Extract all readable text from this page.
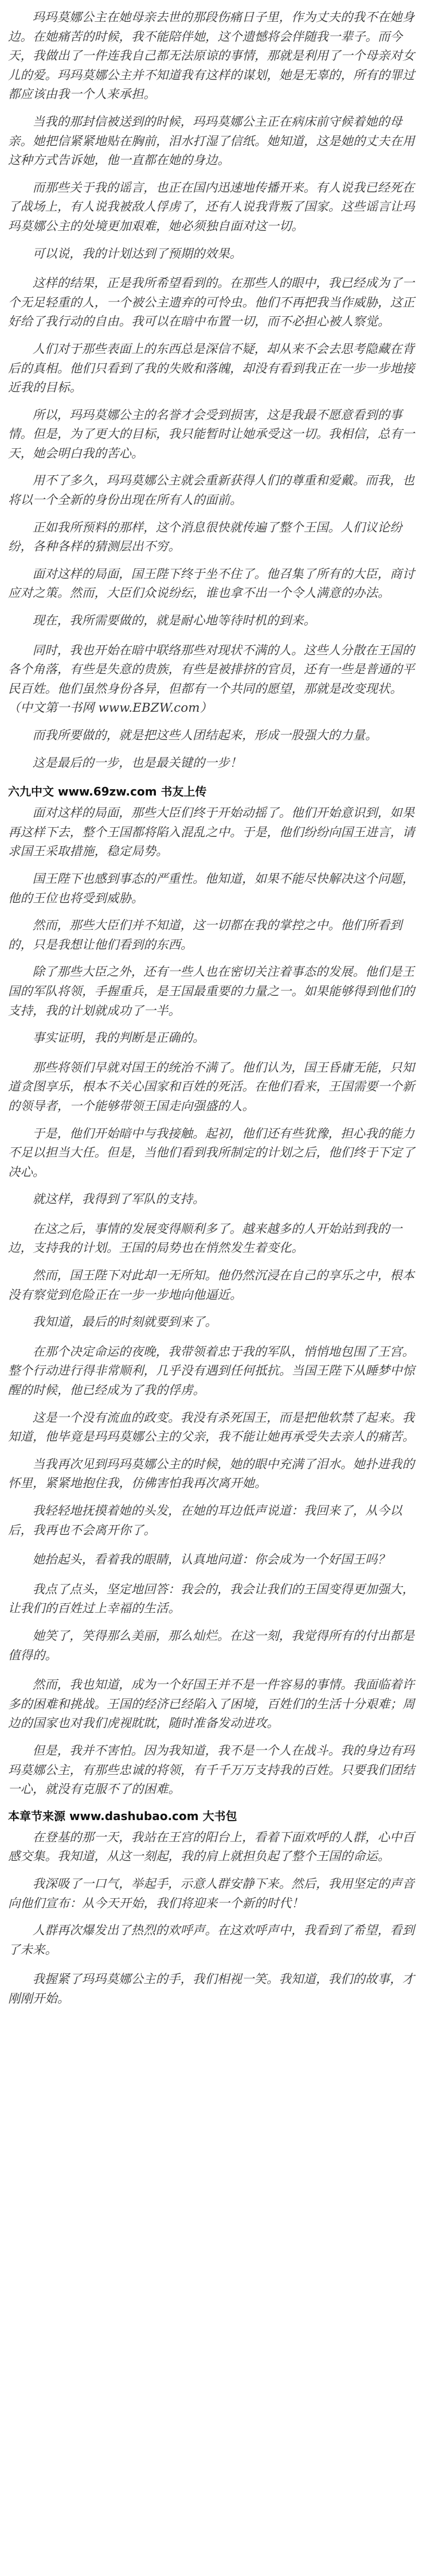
玛玛莫娜公主在她母亲去世的那段伤痛日子里，作为丈夫的我不在她身边。在她痛苦的时候，我不能陪伴她，这个遗憾将会伴随我一辈子。而今天，我做出了一件连我自己都无法原谅的事情，那就是利用了一个母亲对女儿的爱。玛玛莫娜公主并不知道我有这样的谋划，她是无辜的，所有的罪过都应该由我一个人来承担。

当我的那封信被送到的时候，玛玛莫娜公主正在病床前守候着她的母亲。她把信紧紧地贴在胸前，泪水打湿了信纸。她知道，这是她的丈夫在用这种方式告诉她，他一直都在她的身边。

而那些关于我的谣言，也正在国内迅速地传播开来。有人说我已经死在了战场上，有人说我被敌人俘虏了，还有人说我背叛了国家。这些谣言让玛玛莫娜公主的处境更加艰难，她必须独自面对这一切。

可以说，我的计划达到了预期的效果。

这样的结果，正是我所希望看到的。在那些人的眼中，我已经成为了一个无足轻重的人，一个被公主遗弃的可怜虫。他们不再把我当作威胁，这正好给了我行动的自由。我可以在暗中布置一切，而不必担心被人察觉。

人们对于那些表面上的东西总是深信不疑，却从来不会去思考隐藏在背后的真相。他们只看到了我的失败和落魄，却没有看到我正在一步一步地接近我的目标。

所以，玛玛莫娜公主的名誉才会受到损害，这是我最不愿意看到的事情。但是，为了更大的目标，我只能暂时让她承受这一切。我相信，总有一天，她会明白我的苦心。

用不了多久，玛玛莫娜公主就会重新获得人们的尊重和爱戴。而我，也将以一个全新的身份出现在所有人的面前。

正如我所预料的那样，这个消息很快就传遍了整个王国。人们议论纷纷，各种各样的猜测层出不穷。

面对这样的局面，国王陛下终于坐不住了。他召集了所有的大臣，商讨应对之策。然而，大臣们众说纷纭，谁也拿不出一个令人满意的办法。

现在，我所需要做的，就是耐心地等待时机的到来。

同时，我也开始在暗中联络那些对现状不满的人。这些人分散在王国的各个角落，有些是失意的贵族，有些是被排挤的官员，还有一些是普通的平民百姓。他们虽然身份各异，但都有一个共同的愿望，那就是改变现状。（中文第一书网 www.EBZW.com）

而我所要做的，就是把这些人团结起来，形成一股强大的力量。

这是最后的一步，也是最关键的一步！

六九中文 www.69zw.com 书友上传

面对这样的局面，那些大臣们终于开始动摇了。他们开始意识到，如果再这样下去，整个王国都将陷入混乱之中。于是，他们纷纷向国王进言，请求国王采取措施，稳定局势。

国王陛下也感到事态的严重性。他知道，如果不能尽快解决这个问题，他的王位也将受到威胁。

然而，那些大臣们并不知道，这一切都在我的掌控之中。他们所看到的，只是我想让他们看到的东西。

除了那些大臣之外，还有一些人也在密切关注着事态的发展。他们是王国的军队将领，手握重兵，是王国最重要的力量之一。如果能够得到他们的支持，我的计划就成功了一半。

事实证明，我的判断是正确的。

那些将领们早就对国王的统治不满了。他们认为，国王昏庸无能，只知道贪图享乐，根本不关心国家和百姓的死活。在他们看来，王国需要一个新的领导者，一个能够带领王国走向强盛的人。

于是，他们开始暗中与我接触。起初，他们还有些犹豫，担心我的能力不足以担当大任。但是，当他们看到我所制定的计划之后，他们终于下定了决心。

就这样，我得到了军队的支持。

在这之后，事情的发展变得顺利多了。越来越多的人开始站到我的一边，支持我的计划。王国的局势也在悄然发生着变化。

然而，国王陛下对此却一无所知。他仍然沉浸在自己的享乐之中，根本没有察觉到危险正在一步一步地向他逼近。

我知道，最后的时刻就要到来了。

在那个决定命运的夜晚，我带领着忠于我的军队，悄悄地包围了王宫。整个行动进行得非常顺利，几乎没有遇到任何抵抗。当国王陛下从睡梦中惊醒的时候，他已经成为了我的俘虏。

这是一个没有流血的政变。我没有杀死国王，而是把他软禁了起来。我知道，他毕竟是玛玛莫娜公主的父亲，我不能让她再承受失去亲人的痛苦。

当我再次见到玛玛莫娜公主的时候，她的眼中充满了泪水。她扑进我的怀里，紧紧地抱住我，仿佛害怕我再次离开她。

我轻轻地抚摸着她的头发，在她的耳边低声说道：我回来了，从今以后，我再也不会离开你了。

她抬起头，看着我的眼睛，认真地问道：你会成为一个好国王吗？

我点了点头，坚定地回答：我会的，我会让我们的王国变得更加强大，让我们的百姓过上幸福的生活。

她笑了，笑得那么美丽，那么灿烂。在这一刻，我觉得所有的付出都是值得的。

然而，我也知道，成为一个好国王并不是一件容易的事情。我面临着许多的困难和挑战。王国的经济已经陷入了困境，百姓们的生活十分艰难；周边的国家也对我们虎视眈眈，随时准备发动进攻。

但是，我并不害怕。因为我知道，我不是一个人在战斗。我的身边有玛玛莫娜公主，有那些忠诚的将领，有千千万万支持我的百姓。只要我们团结一心，就没有克服不了的困难。

本章节来源 www.dashubao.com 大书包

在登基的那一天，我站在王宫的阳台上，看着下面欢呼的人群，心中百感交集。我知道，从这一刻起，我的肩上就担负起了整个王国的命运。

我深吸了一口气，举起手，示意人群安静下来。然后，我用坚定的声音向他们宣布：从今天开始，我们将迎来一个新的时代！

人群再次爆发出了热烈的欢呼声。在这欢呼声中，我看到了希望，看到了未来。

我握紧了玛玛莫娜公主的手，我们相视一笑。我知道，我们的故事，才刚刚开始。
